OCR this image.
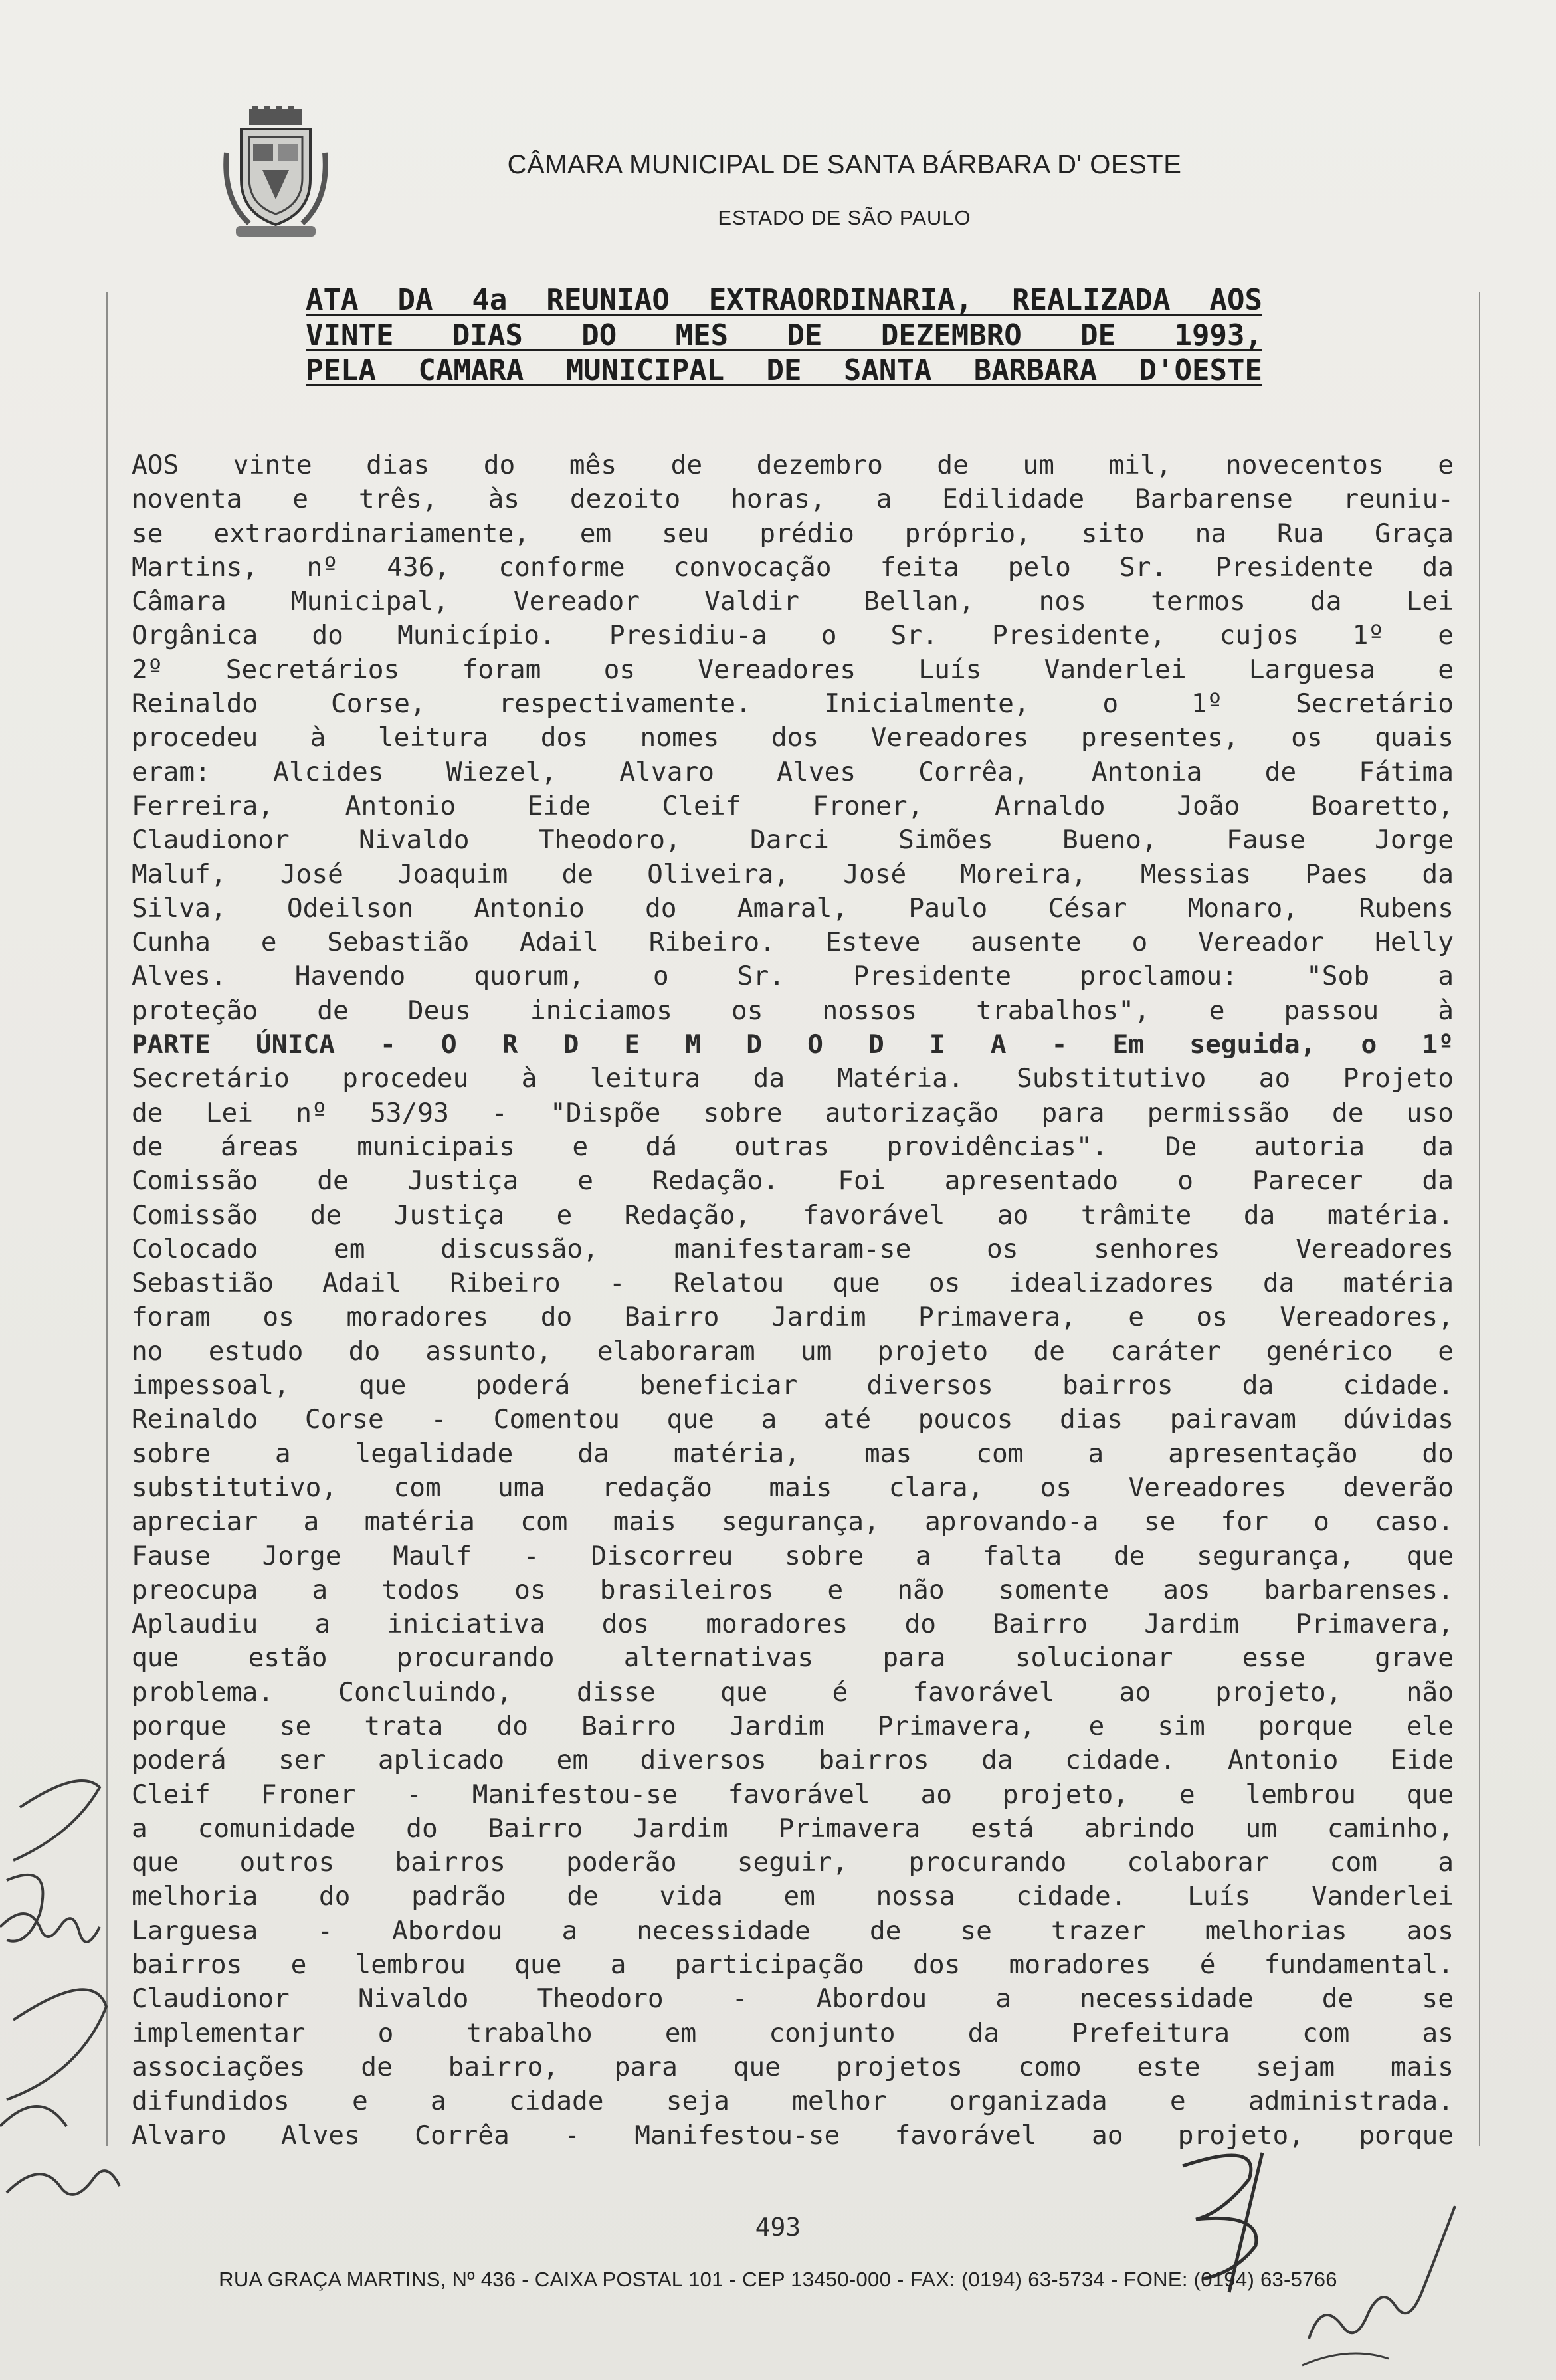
CÂMARA MUNICIPAL DE SANTA BÁRBARA D' OESTE
ESTADO DE SÃO PAULO
ATA DA 4a REUNIAO EXTRAORDINARIA, REALIZADA AOS
VINTE DIAS DO MES DE DEZEMBRO DE 1993,
PELA CAMARA MUNICIPAL DE SANTA BARBARA D'OESTE
AOS vinte dias do mês de dezembro de um mil, novecentos e
noventa e três, às dezoito horas, a Edilidade Barbarense reuniu-
se extraordinariamente, em seu prédio próprio, sito na Rua Graça
Martins, nº 436, conforme convocação feita pelo Sr. Presidente da
Câmara Municipal, Vereador Valdir Bellan, nos termos da Lei
Orgânica do Município. Presidiu-a o Sr. Presidente, cujos 1º e
2º Secretários foram os Vereadores Luís Vanderlei Larguesa e
Reinaldo Corse, respectivamente. Inicialmente, o 1º Secretário
procedeu à leitura dos nomes dos Vereadores presentes, os quais
eram: Alcides Wiezel, Alvaro Alves Corrêa, Antonia de Fátima
Ferreira, Antonio Eide Cleif Froner, Arnaldo João Boaretto,
Claudionor Nivaldo Theodoro, Darci Simões Bueno, Fause Jorge
Maluf, José Joaquim de Oliveira, José Moreira, Messias Paes da
Silva, Odeilson Antonio do Amaral, Paulo César Monaro, Rubens
Cunha e Sebastião Adail Ribeiro. Esteve ausente o Vereador Helly
Alves. Havendo quorum, o Sr. Presidente proclamou: "Sob a
proteção de Deus iniciamos os nossos trabalhos", e passou à
PARTE ÚNICA - O R D E M D O D I A - Em seguida, o 1º
Secretário procedeu à leitura da Matéria. Substitutivo ao Projeto
de Lei nº 53/93 - "Dispõe sobre autorização para permissão de uso
de áreas municipais e dá outras providências". De autoria da
Comissão de Justiça e Redação. Foi apresentado o Parecer da
Comissão de Justiça e Redação, favorável ao trâmite da matéria.
Colocado em discussão, manifestaram-se os senhores Vereadores
Sebastião Adail Ribeiro - Relatou que os idealizadores da matéria
foram os moradores do Bairro Jardim Primavera, e os Vereadores,
no estudo do assunto, elaboraram um projeto de caráter genérico e
impessoal, que poderá beneficiar diversos bairros da cidade.
Reinaldo Corse - Comentou que a até poucos dias pairavam dúvidas
sobre a legalidade da matéria, mas com a apresentação do
substitutivo, com uma redação mais clara, os Vereadores deverão
apreciar a matéria com mais segurança, aprovando-a se for o caso.
Fause Jorge Maulf - Discorreu sobre a falta de segurança, que
preocupa a todos os brasileiros e não somente aos barbarenses.
Aplaudiu a iniciativa dos moradores do Bairro Jardim Primavera,
que estão procurando alternativas para solucionar esse grave
problema. Concluindo, disse que é favorável ao projeto, não
porque se trata do Bairro Jardim Primavera, e sim porque ele
poderá ser aplicado em diversos bairros da cidade. Antonio Eide
Cleif Froner - Manifestou-se favorável ao projeto, e lembrou que
a comunidade do Bairro Jardim Primavera está abrindo um caminho,
que outros bairros poderão seguir, procurando colaborar com a
melhoria do padrão de vida em nossa cidade. Luís Vanderlei
Larguesa - Abordou a necessidade de se trazer melhorias aos
bairros e lembrou que a participação dos moradores é fundamental.
Claudionor Nivaldo Theodoro - Abordou a necessidade de se
implementar o trabalho em conjunto da Prefeitura com as
associações de bairro, para que projetos como este sejam mais
difundidos e a cidade seja melhor organizada e administrada.
Alvaro Alves Corrêa - Manifestou-se favorável ao projeto, porque
493
RUA GRAÇA MARTINS, Nº 436 - CAIXA POSTAL 101 - CEP 13450-000 - FAX: (0194) 63-5734 - FONE: (0194) 63-5766
